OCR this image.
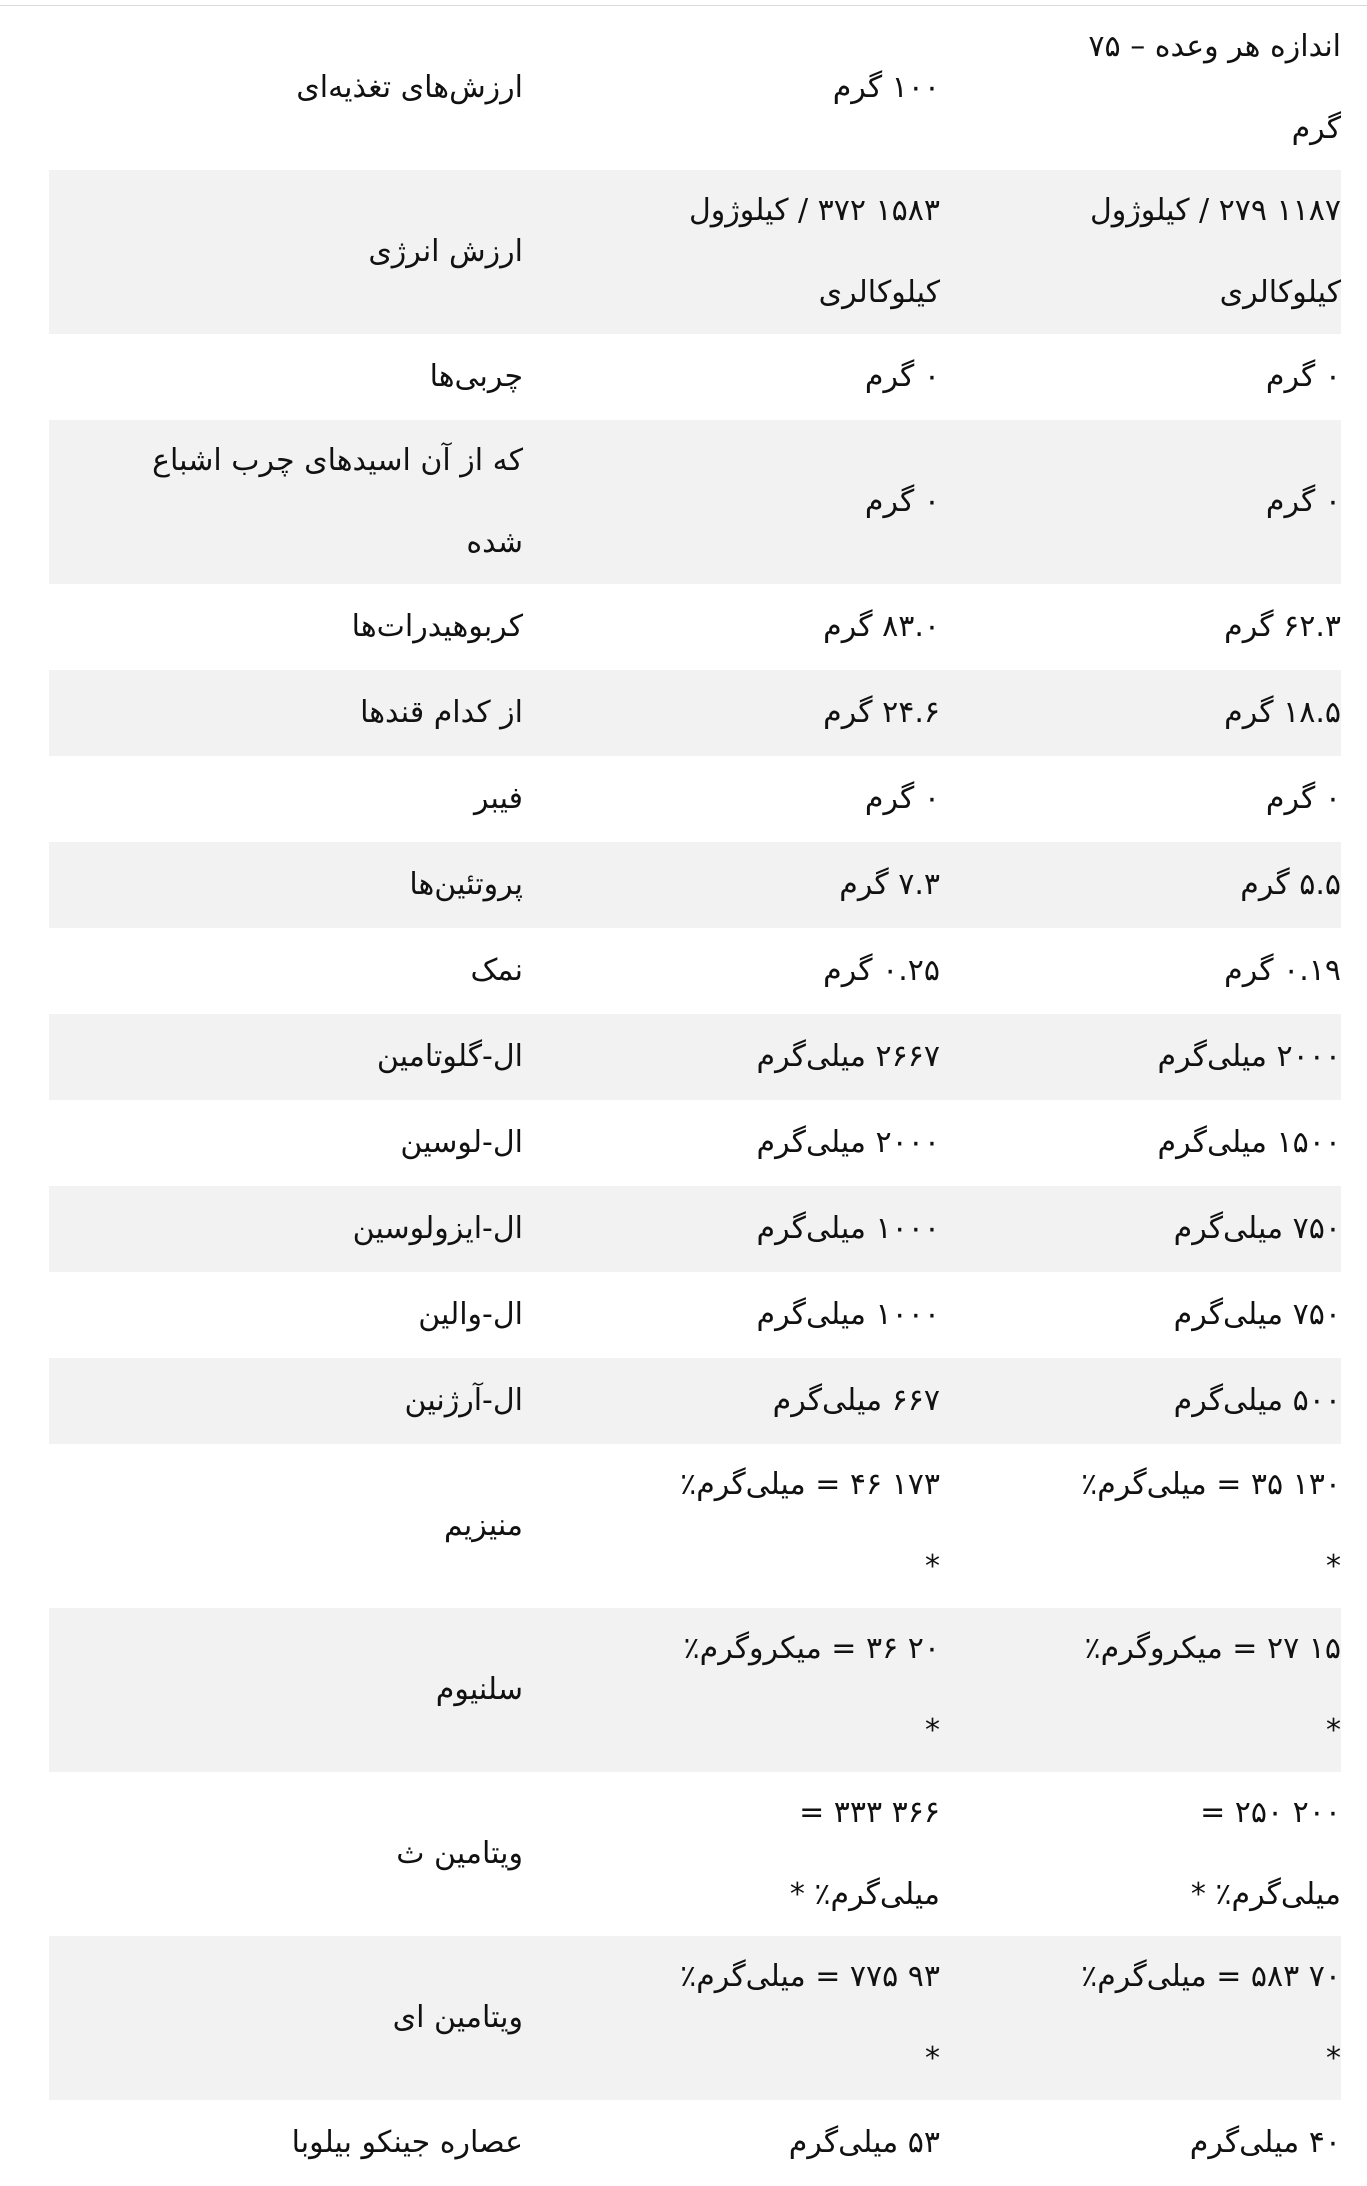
ارزش‌های تغذیه‌ای	۱۰۰ گرم	اندازه هر وعده – ۷۵ گرم
ارزش انرژی	۱۵۸۳ ۳۷۲ / کیلوژول کیلوکالری	۱۱۸۷ ۲۷۹ / کیلوژول کیلوکالری
چربی‌ها	۰ گرم	۰ گرم
که از آن اسیدهای چرب اشباع شده	۰ گرم	۰ گرم
کربوهیدرات‌ها	۸۳.۰ گرم	۶۲.۳ گرم
از کدام قندها	۲۴.۶ گرم	۱۸.۵ گرم
فیبر	۰ گرم	۰ گرم
پروتئین‌ها	۷.۳ گرم	۵.۵ گرم
نمک	۰.۲۵ گرم	۰.۱۹ گرم
ال-گلوتامین	۲۶۶۷ میلی‌گرم	۲۰۰۰ میلی‌گرم
ال-لوسین	۲۰۰۰ میلی‌گرم	۱۵۰۰ میلی‌گرم
ال-ایزولوسین	۱۰۰۰ میلی‌گرم	۷۵۰ میلی‌گرم
ال-والین	۱۰۰۰ میلی‌گرم	۷۵۰ میلی‌گرم
ال-آرژنین	۶۶۷ میلی‌گرم	۵۰۰ میلی‌گرم
منیزیم	۱۷۳ ۴۶ = میلی‌گرم٪ *	۱۳۰ ۳۵ = میلی‌گرم٪ *
سلنیوم	۲۰ ۳۶ = میکروگرم٪ *	۱۵ ۲۷ = میکروگرم٪ *
ویتامین ث	۳۶۶ ۳۳۳ = میلی‌گرم٪ *	۲۰۰ ۲۵۰ = میلی‌گرم٪ *
ویتامین ای	۹۳ ۷۷۵ = میلی‌گرم٪ *	۷۰ ۵۸۳ = میلی‌گرم٪ *
عصاره جینکو بیلوبا	۵۳ میلی‌گرم	۴۰ میلی‌گرم
